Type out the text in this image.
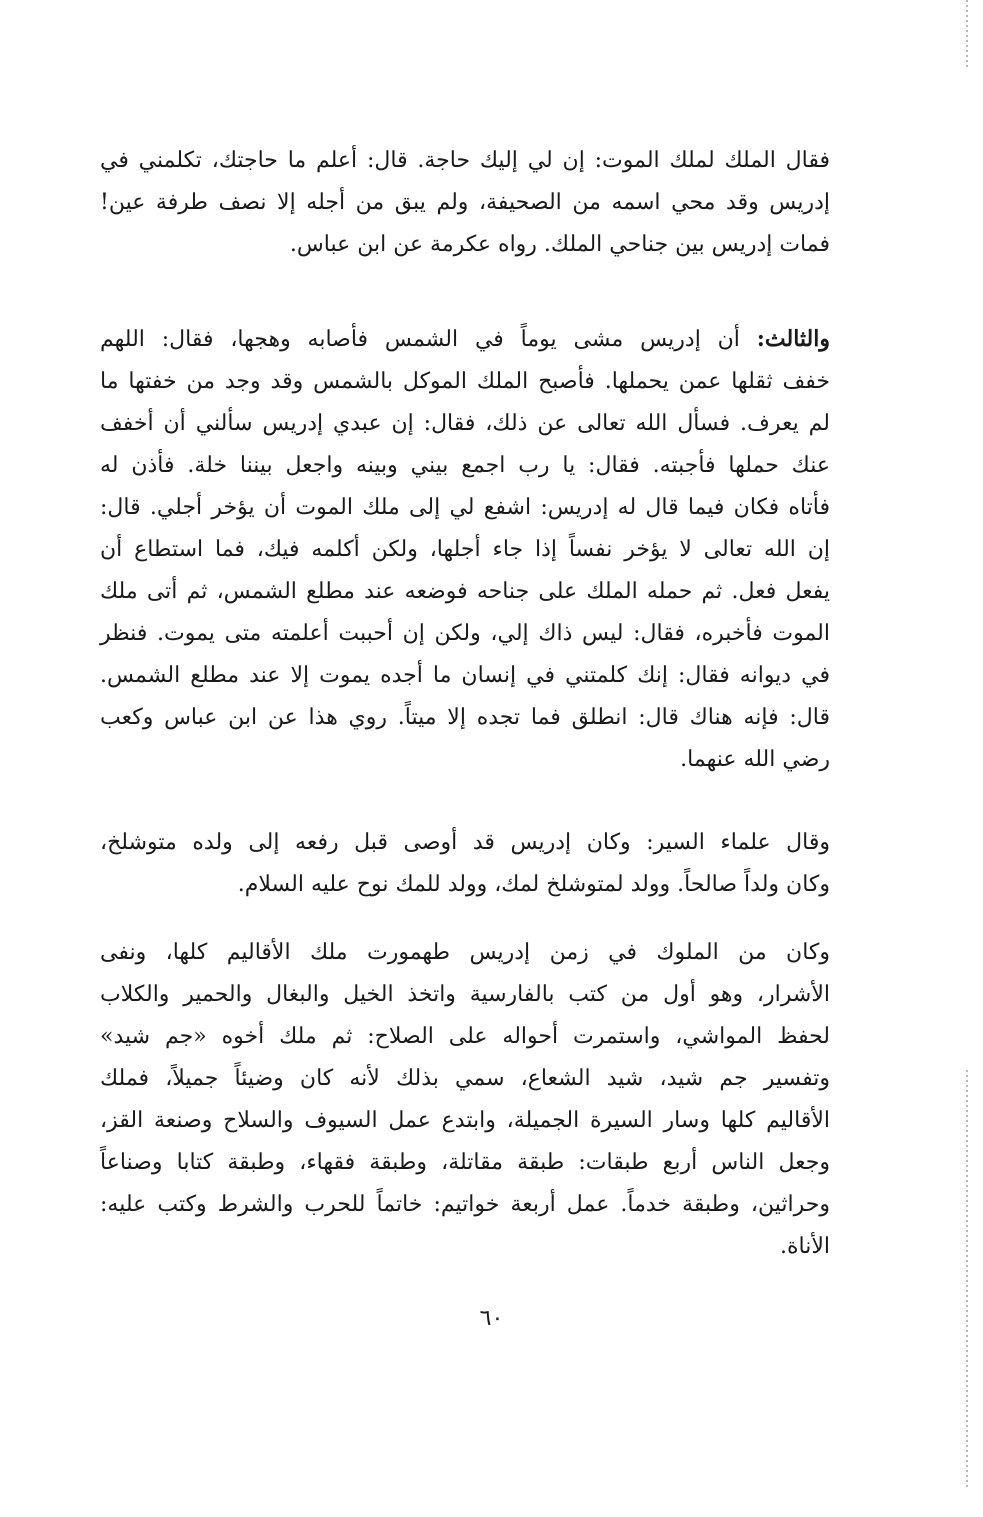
فقال الملك لملك الموت: إن لي إليك حاجة. قال: أعلم ما حاجتك، تكلمني في
إدريس وقد محي اسمه من الصحيفة، ولم يبق من أجله إلا نصف طرفة عين!
فمات إدريس بين جناحي الملك. رواه عكرمة عن ابن عباس.
والثالث: أن إدريس مشى يوماً في الشمس فأصابه وهجها، فقال: اللهم
خفف ثقلها عمن يحملها. فأصبح الملك الموكل بالشمس وقد وجد من خفتها ما
لم يعرف. فسأل الله تعالى عن ذلك، فقال: إن عبدي إدريس سألني أن أخفف
عنك حملها فأجبته. فقال: يا رب اجمع بيني وبينه واجعل بيننا خلة. فأذن له
فأتاه فكان فيما قال له إدريس: اشفع لي إلى ملك الموت أن يؤخر أجلي. قال:
إن الله تعالى لا يؤخر نفساً إذا جاء أجلها، ولكن أكلمه فيك، فما استطاع أن
يفعل فعل. ثم حمله الملك على جناحه فوضعه عند مطلع الشمس، ثم أتى ملك
الموت فأخبره، فقال: ليس ذاك إلي، ولكن إن أحببت أعلمته متى يموت. فنظر
في ديوانه فقال: إنك كلمتني في إنسان ما أجده يموت إلا عند مطلع الشمس.
قال: فإنه هناك قال: انطلق فما تجده إلا ميتاً. روي هذا عن ابن عباس وكعب
رضي الله عنهما.
وقال علماء السير: وكان إدريس قد أوصى قبل رفعه إلى ولده متوشلخ،
وكان ولداً صالحاً. وولد لمتوشلخ لمك، وولد للمك نوح عليه السلام.
وكان من الملوك في زمن إدريس طهمورت ملك الأقاليم كلها، ونفى
الأشرار، وهو أول من كتب بالفارسية واتخذ الخيل والبغال والحمير والكلاب
لحفظ المواشي، واستمرت أحواله على الصلاح: ثم ملك أخوه «جم شيد»
وتفسير جم شيد، شيد الشعاع، سمي بذلك لأنه كان وضيئاً جميلاً، فملك
الأقاليم كلها وسار السيرة الجميلة، وابتدع عمل السيوف والسلاح وصنعة القز،
وجعل الناس أربع طبقات: طبقة مقاتلة، وطبقة فقهاء، وطبقة كتابا وصناعاً
وحراثين، وطبقة خدماً. عمل أربعة خواتيم: خاتماً للحرب والشرط وكتب عليه:
الأناة.
٦٠
